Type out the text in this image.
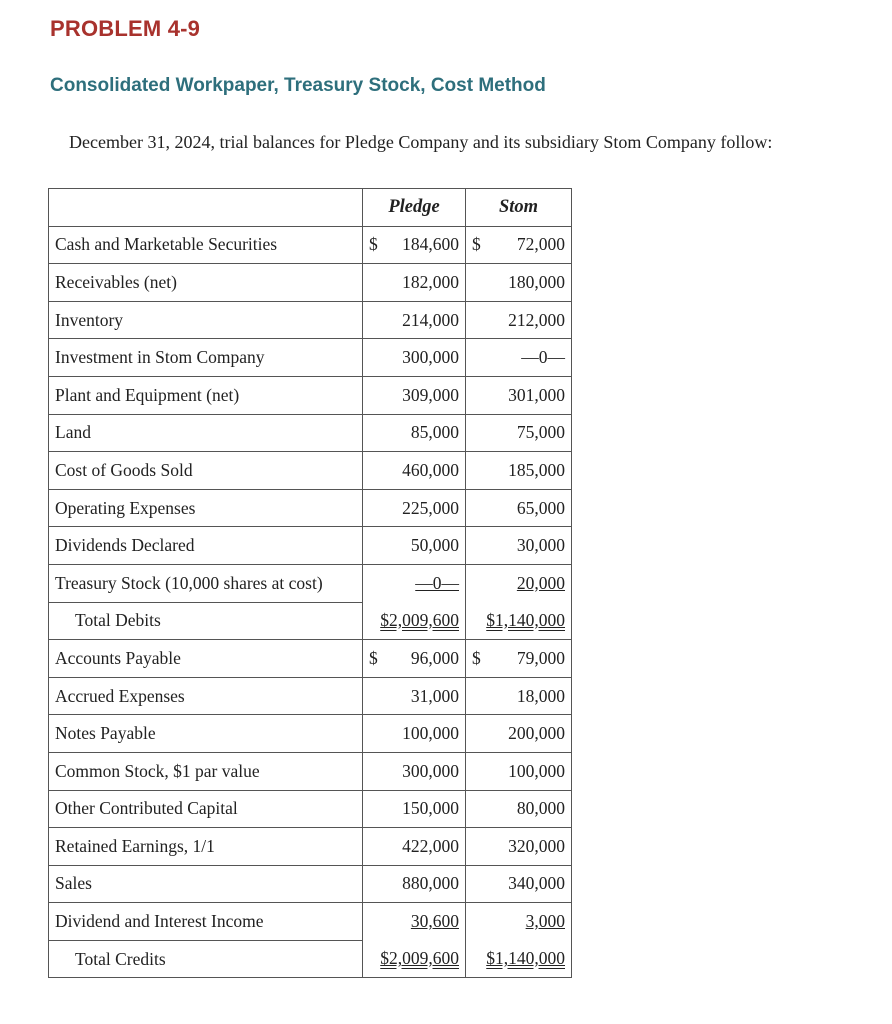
PROBLEM 4-9
Consolidated Workpaper, Treasury Stock, Cost Method
December 31, 2024, trial balances for Pledge Company and its subsidiary Stom Company follow:
	Pledge	Stom
Cash and Marketable Securities	$ 184,600	$ 72,000
Receivables (net)	182,000	180,000
Inventory	214,000	212,000
Investment in Stom Company	300,000	—0—
Plant and Equipment (net)	309,000	301,000
Land	85,000	75,000
Cost of Goods Sold	460,000	185,000
Operating Expenses	225,000	65,000
Dividends Declared	50,000	30,000
Treasury Stock (10,000 shares at cost)	—0—	20,000
Total Debits	$2,009,600	$1,140,000
Accounts Payable	$ 96,000	$ 79,000
Accrued Expenses	31,000	18,000
Notes Payable	100,000	200,000
Common Stock, $1 par value	300,000	100,000
Other Contributed Capital	150,000	80,000
Retained Earnings, 1/1	422,000	320,000
Sales	880,000	340,000
Dividend and Interest Income	30,600	3,000
Total Credits	$2,009,600	$1,140,000
